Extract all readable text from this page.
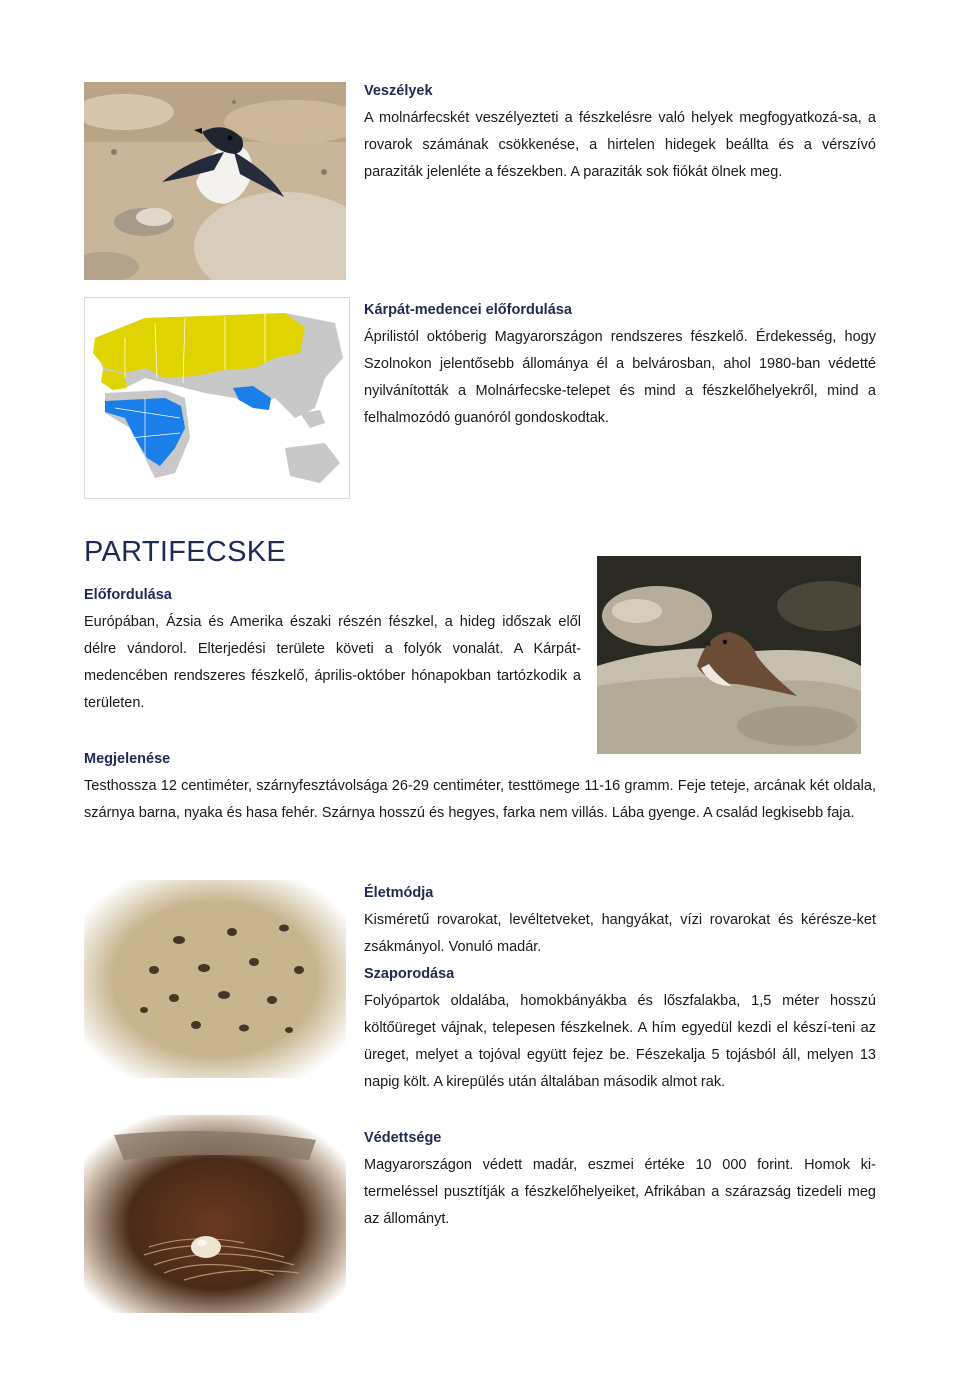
Veszélyek

A molnárfecskét veszélyezteti a fészkelésre való helyek megfogyatkozá-sa, a rovarok számának csökkenése, a hirtelen hidegek beállta és a vérszívó paraziták jelenléte a fészekben. A paraziták sok fiókát ölnek meg.

Kárpát-medencei előfordulása

Áprilistól októberig Magyarországon rendszeres fészkelő. Érdekesség, hogy Szolnokon jelentősebb állománya él a belvárosban, ahol 1980-ban védetté nyilvánították a Molnárfecske-telepet és mind a fészkelőhelyekről, mind a felhalmozódó guanóról gondoskodtak.

PARTIFECSKE
Előfordulása

Európában, Ázsia és Amerika északi részén fészkel, a hideg időszak elől délre vándorol. Elterjedési területe követi a folyók vonalát. A Kárpát-medencében rendszeres fészkelő, április-október hónapokban tartózkodik a területen.

Megjelenése

Testhossza 12 centiméter, szárnyfesztávolsága 26-29 centiméter, testtömege 11-16 gramm. Feje teteje, arcának két oldala, szárnya barna, nyaka és hasa fehér. Szárnya hosszú és hegyes, farka nem villás. Lába gyenge. A család legkisebb faja.

Életmódja

Kisméretű rovarokat, levéltetveket, hangyákat, vízi rovarokat és kérésze-ket zsákmányol. Vonuló madár.

Szaporodása

Folyópartok oldalába, homokbányákba és lőszfalakba, 1,5 méter hosszú költőüreget vájnak, telepesen fészkelnek. A hím egyedül kezdi el készí-teni az üreget, melyet a tojóval együtt fejez be. Fészekalja 5 tojásból áll, melyen 13 napig költ. A kirepülés után általában második almot rak.

Védettsége

Magyarországon védett madár, eszmei értéke 10 000 forint. Homok ki-termeléssel pusztítják a fészkelőhelyeiket, Afrikában a szárazság tizedeli meg az állományt.
